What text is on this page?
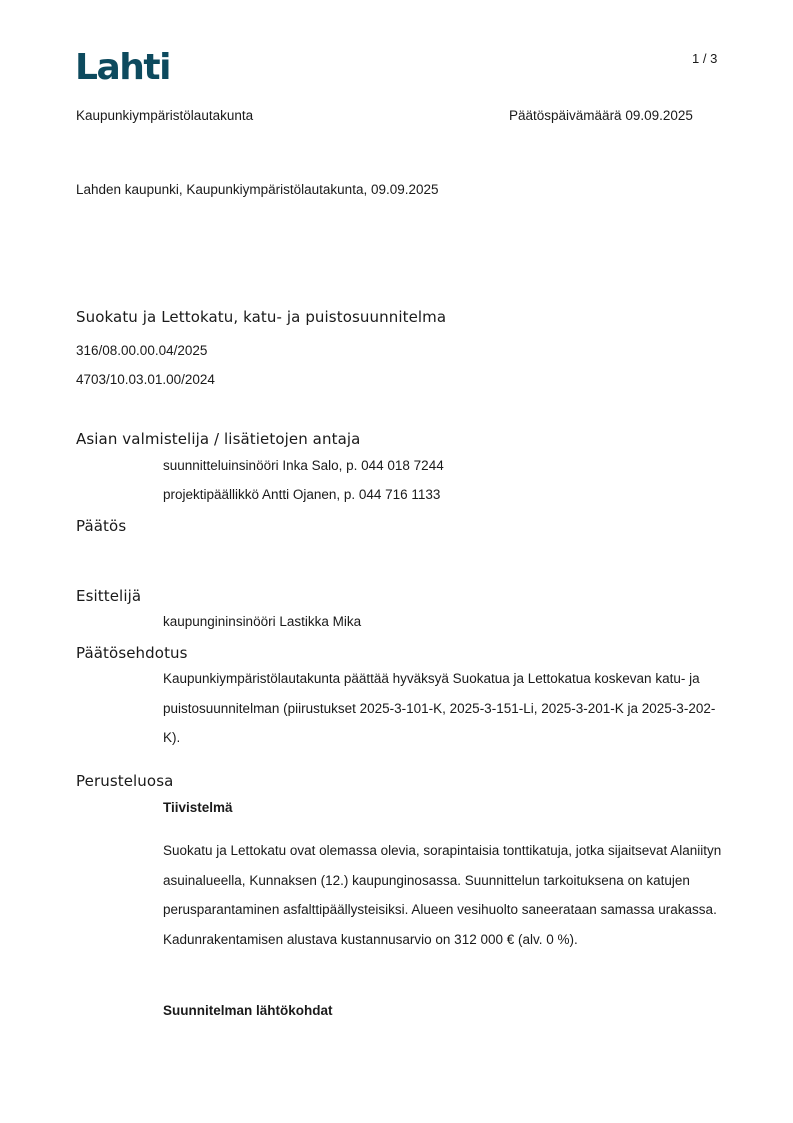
Lahti	1 / 3
Kaupunkiympäristölautakunta	Päätöspäivämäärä 09.09.2025
Lahden kaupunki, Kaupunkiympäristölautakunta, 09.09.2025
Suokatu ja Lettokatu, katu- ja puistosuunnitelma
316/08.00.00.04/2025
4703/10.03.01.00/2024
Asian valmistelija / lisätietojen antaja
suunnitteluinsinööri Inka Salo, p. 044 018 7244
projektipäällikkö Antti Ojanen, p. 044 716 1133
Päätös
Esittelijä
kaupungininsinööri Lastikka Mika
Päätösehdotus
Kaupunkiympäristölautakunta päättää hyväksyä Suokatua ja Lettokatua koskevan katu- ja puistosuunnitelman (piirustukset 2025-3-101-K, 2025-3-151-Li, 2025-3-201-K ja 2025-3-202-K).
Perusteluosa
Tiivistelmä
Suokatu ja Lettokatu ovat olemassa olevia, sorapintaisia tonttikatuja, jotka sijaitsevat Alaniityn asuinalueella, Kunnaksen (12.) kaupunginosassa. Suunnittelun tarkoituksena on katujen perusparantaminen asfalttipäällysteisiksi. Alueen vesihuolto saneerataan samassa urakassa. Kadunrakentamisen alustava kustannusarvio on 312 000 € (alv. 0 %).
Suunnitelman lähtökohdat
